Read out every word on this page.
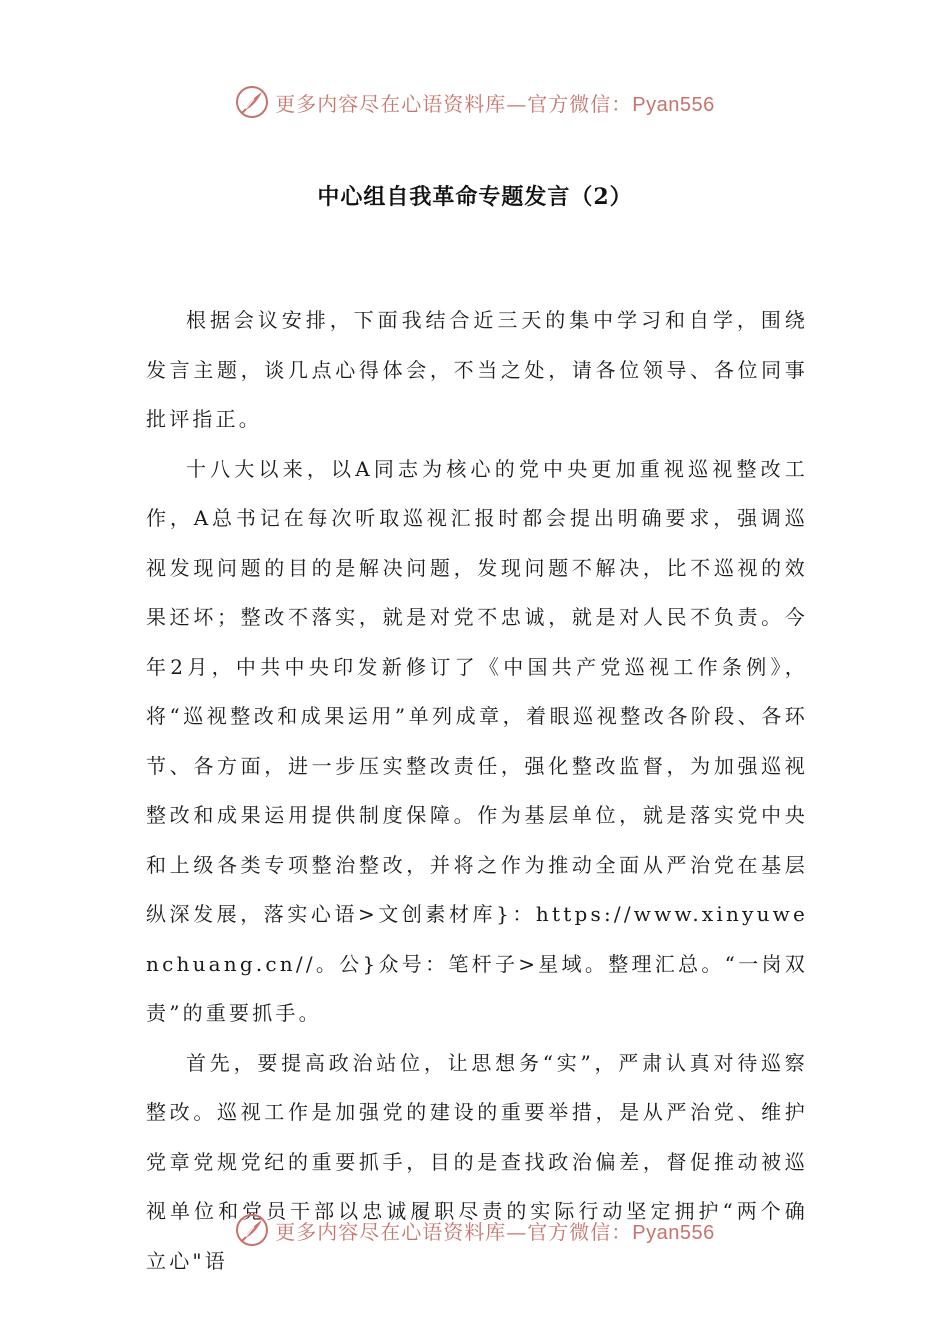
更多内容尽在心语资料库—官方微信：Pyan556
中心组自我革命专题发言（2）

根据会议安排，下面我结合近三天的集中学习和自学，围绕发言主题，谈几点心得体会，不当之处，请各位领导、各位同事批评指正。

十八大以来，以A同志为核心的党中央更加重视巡视整改工作，A总书记在每次听取巡视汇报时都会提出明确要求，强调巡视发现问题的目的是解决问题，发现问题不解决，比不巡视的效果还坏；整改不落实，就是对党不忠诚，就是对人民不负责。今年2月，中共中央印发新修订了《中国共产党巡视工作条例》，将“巡视整改和成果运用”单列成章，着眼巡视整改各阶段、各环节、各方面，进一步压实整改责任，强化整改监督，为加强巡视整改和成果运用提供制度保障。作为基层单位，就是落实党中央和上级各类专项整治整改，并将之作为推动全面从严治党在基层纵深发展，落实心语>文创素材库}：https://www.xinyuwenchuang.cn//。公}众号：笔杆子>星域。整理汇总。“一岗双责”的重要抓手。

首先，要提高政治站位，让思想务“实”，严肃认真对待巡察整改。巡视工作是加强党的建设的重要举措，是从严治党、维护党章党规党纪的重要抓手，目的是查找政治偏差，督促推动被巡视单位和党员干部以忠诚履职尽责的实际行动坚定拥护“两个确立心"语

更多内容尽在心语资料库—官方微信：Pyan556
